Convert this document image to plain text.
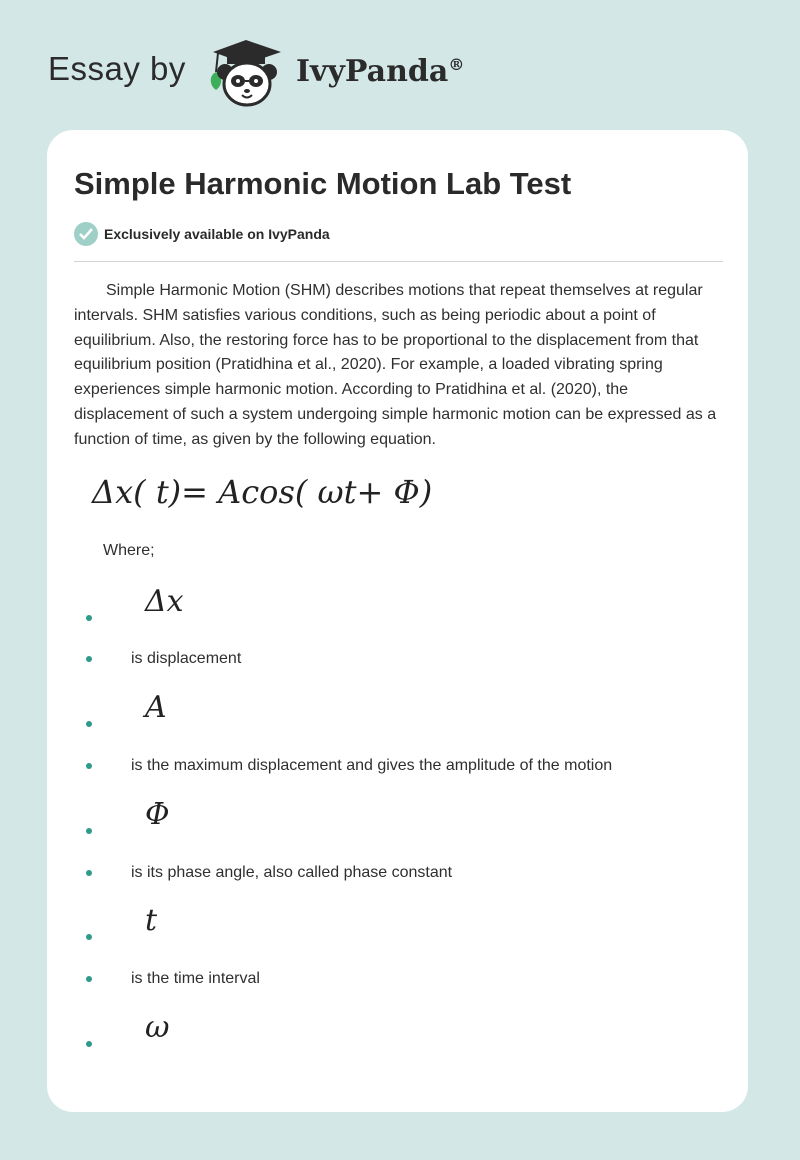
Essay by	IvyPanda®
Simple Harmonic Motion Lab Test
Exclusively available on IvyPanda

  Simple Harmonic Motion (SHM) describes motions that repeat themselves at regular intervals. SHM satisfies various conditions, such as being periodic about a point of equilibrium. Also, the restoring force has to be proportional to the displacement from that equilibrium position (Pratidhina et al., 2020). For example, a loaded vibrating spring experiences simple harmonic motion. According to Pratidhina et al. (2020), the displacement of such a system undergoing simple harmonic motion can be expressed as a function of time, as given by the following equation.

Δx( t)= Acos( ωt+ Φ)
Where;
Δx
is displacement
A
is the maximum displacement and gives the amplitude of the motion
Φ
is its phase angle, also called phase constant
t
is the time interval
ω
